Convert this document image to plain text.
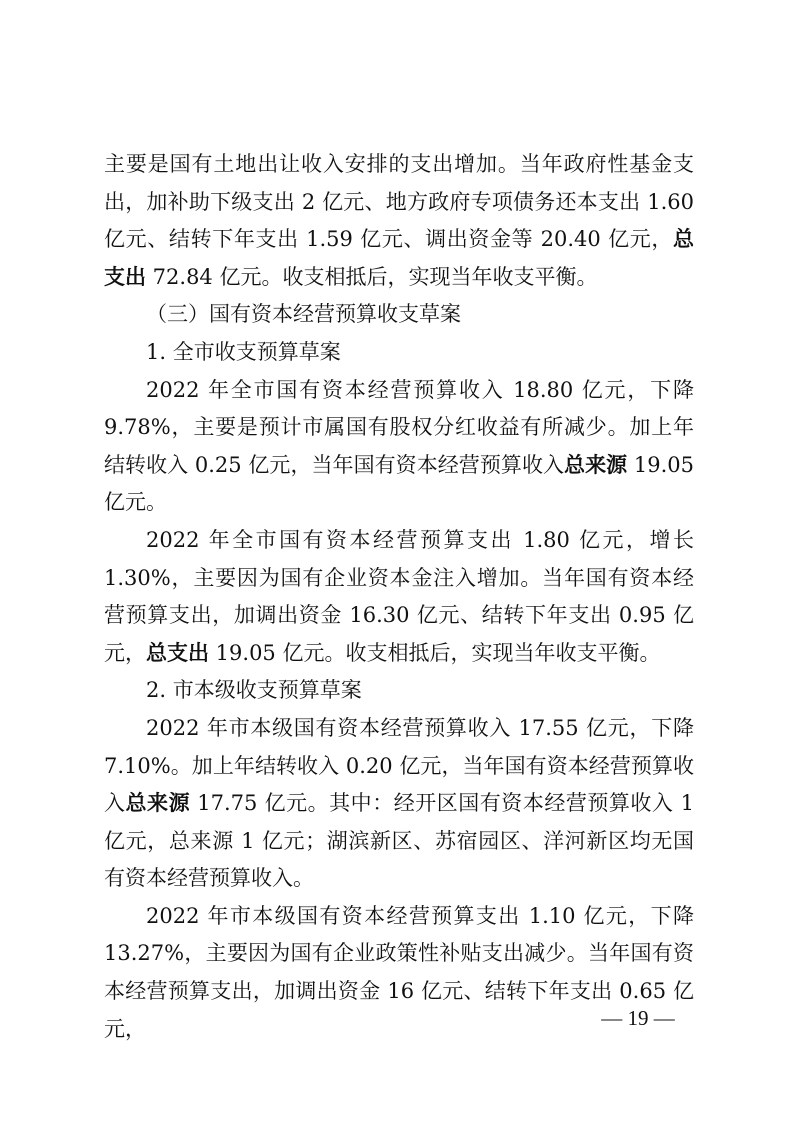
主要是国有土地出让收入安排的支出增加。当年政府性基金支出，加补助下级支出 2 亿元、地方政府专项债务还本支出 1.60 亿元、结转下年支出 1.59 亿元、调出资金等 20.40 亿元，总支出 72.84 亿元。收支相抵后，实现当年收支平衡。

（三）国有资本经营预算收支草案

1. 全市收支预算草案

2022 年全市国有资本经营预算收入 18.80 亿元，下降 9.78%，主要是预计市属国有股权分红收益有所减少。加上年结转收入 0.25 亿元，当年国有资本经营预算收入总来源 19.05 亿元。

2022 年全市国有资本经营预算支出 1.80 亿元，增长 1.30%，主要因为国有企业资本金注入增加。当年国有资本经营预算支出，加调出资金 16.30 亿元、结转下年支出 0.95 亿元，总支出 19.05 亿元。收支相抵后，实现当年收支平衡。

2. 市本级收支预算草案

2022 年市本级国有资本经营预算收入 17.55 亿元，下降 7.10%。加上年结转收入 0.20 亿元，当年国有资本经营预算收入总来源 17.75 亿元。其中：经开区国有资本经营预算收入 1 亿元，总来源 1 亿元；湖滨新区、苏宿园区、洋河新区均无国有资本经营预算收入。

2022 年市本级国有资本经营预算支出 1.10 亿元，下降 13.27%，主要因为国有企业政策性补贴支出减少。当年国有资本经营预算支出，加调出资金 16 亿元、结转下年支出 0.65 亿元，	— 19 —
